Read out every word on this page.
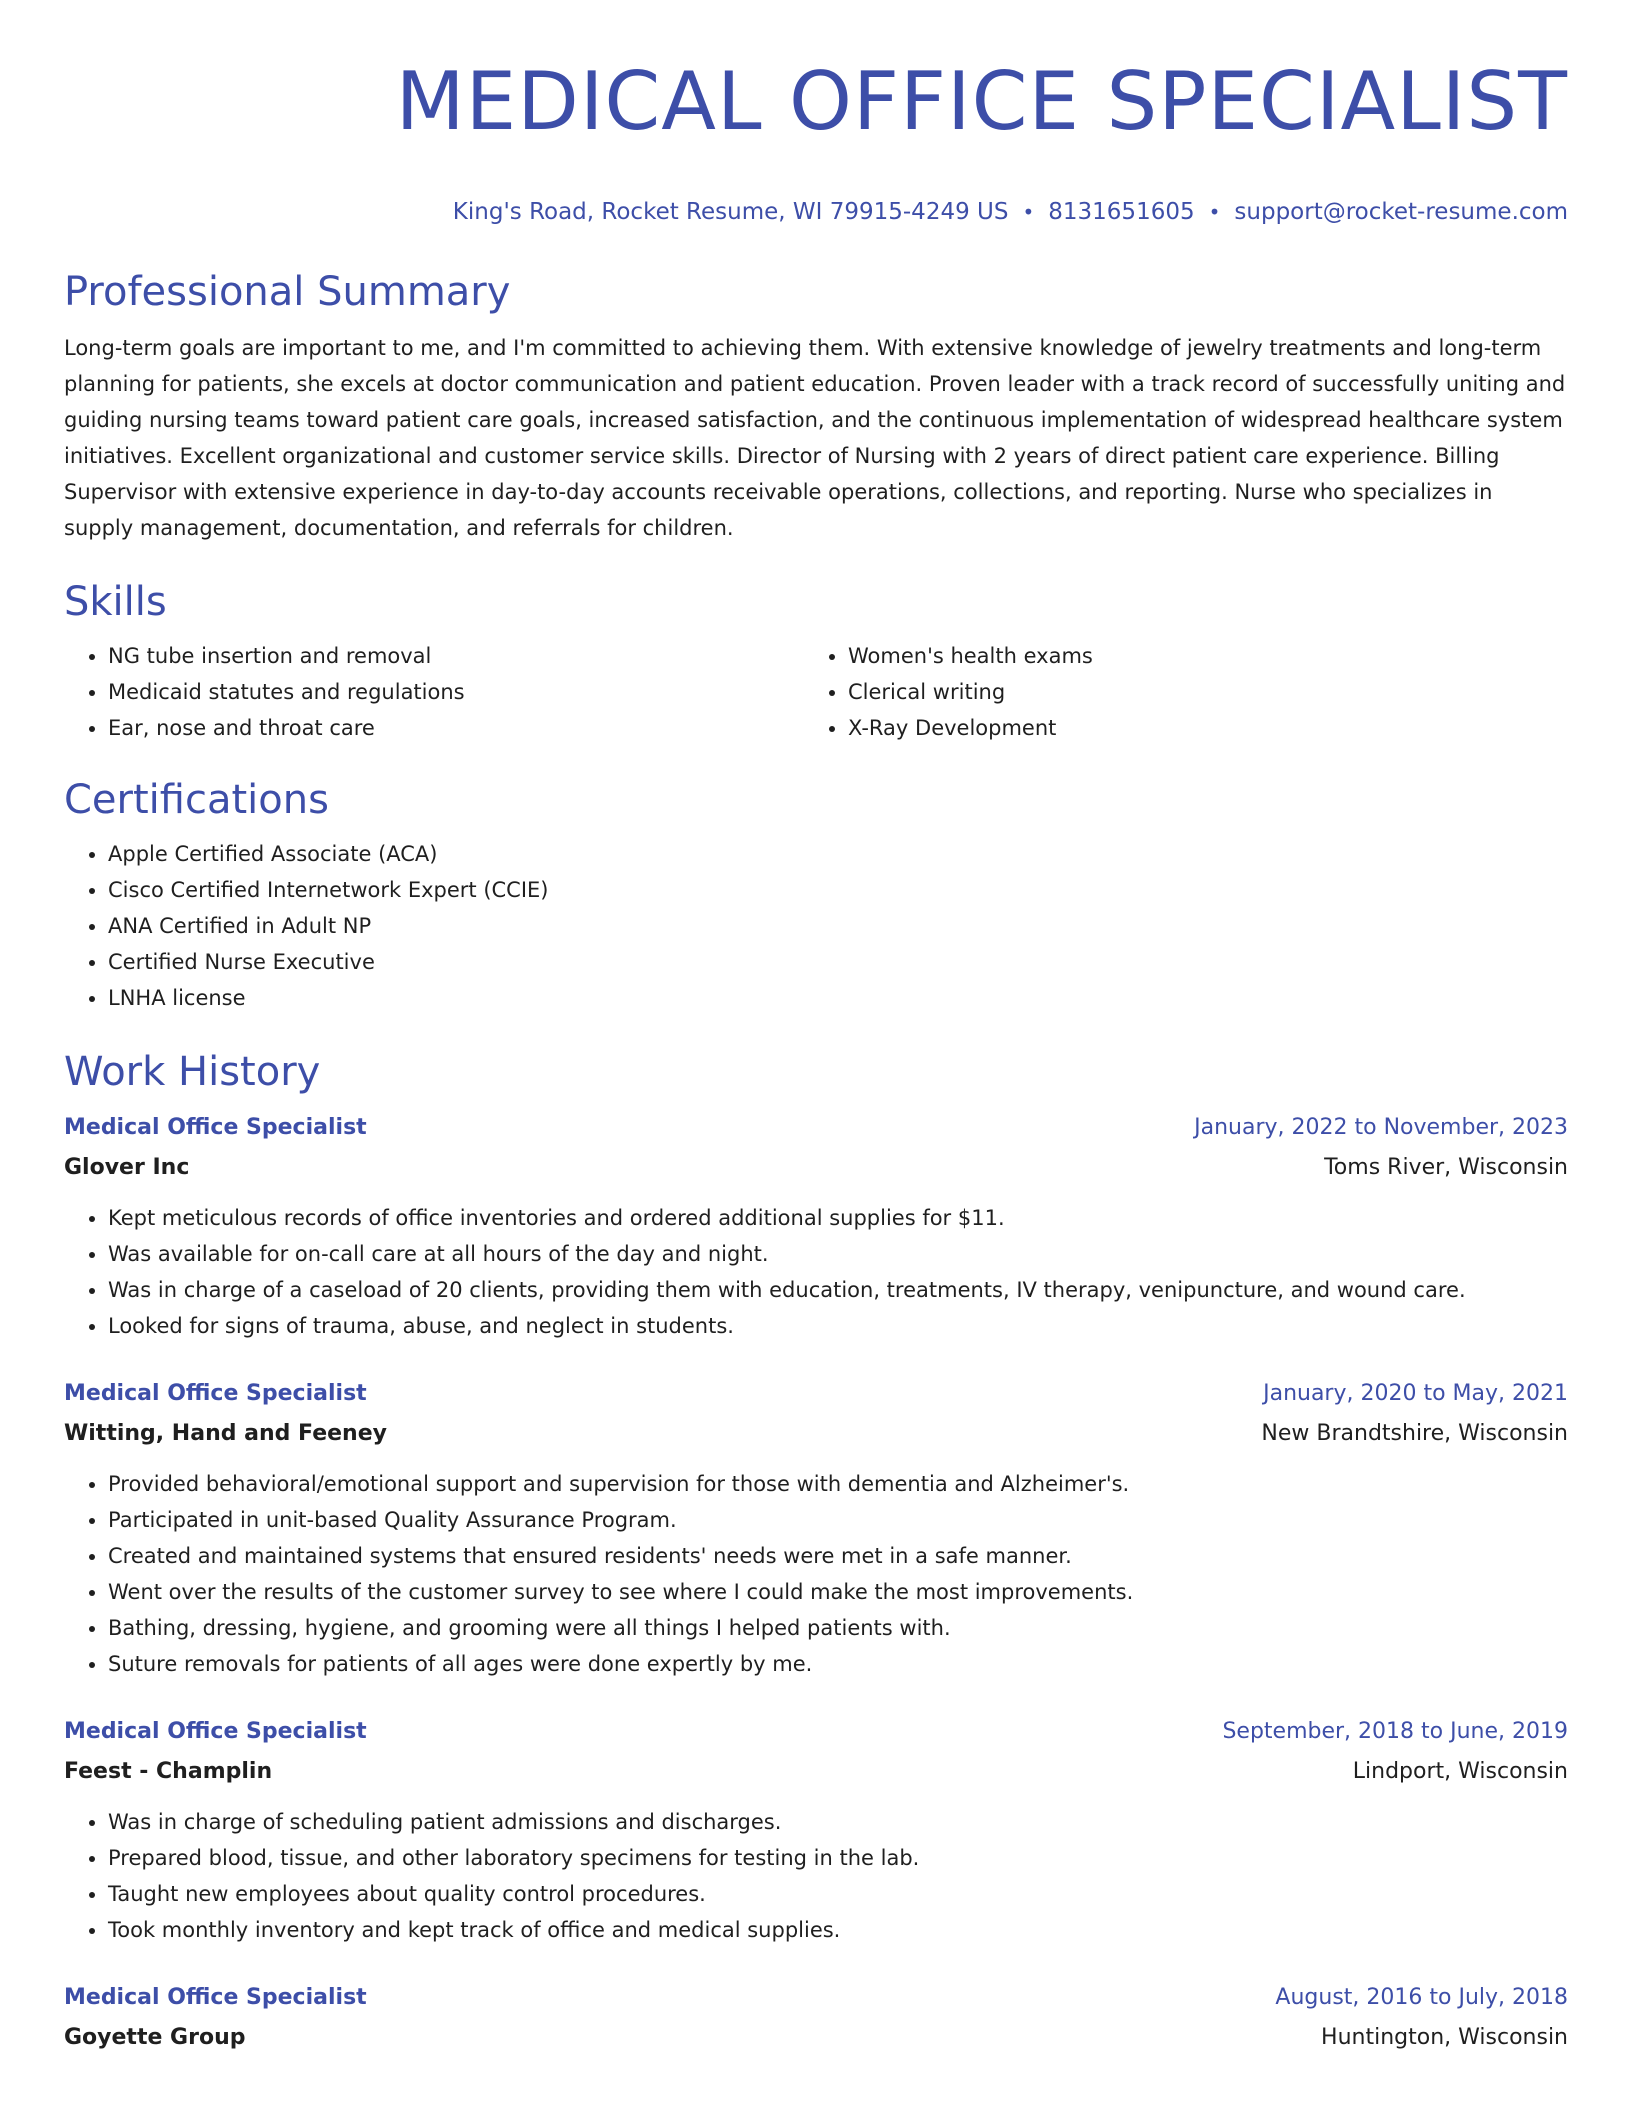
MEDICAL OFFICE SPECIALIST
King's Road, Rocket Resume, WI 79915-4249 US • 8131651605 • support@rocket-resume.com
Professional Summary
Long-term goals are important to me, and I'm committed to achieving them. With extensive knowledge of jewelry treatments and long-term planning for patients, she excels at doctor communication and patient education. Proven leader with a track record of successfully uniting and guiding nursing teams toward patient care goals, increased satisfaction, and the continuous implementation of widespread healthcare system initiatives. Excellent organizational and customer service skills. Director of Nursing with 2 years of direct patient care experience. Billing Supervisor with extensive experience in day-to-day accounts receivable operations, collections, and reporting. Nurse who specializes in supply management, documentation, and referrals for children.
Skills
• NG tube insertion and removal
• Medicaid statutes and regulations
• Ear, nose and throat care
• Women's health exams
• Clerical writing
• X-Ray Development
Certifications
• Apple Certified Associate (ACA)
• Cisco Certified Internetwork Expert (CCIE)
• ANA Certified in Adult NP
• Certified Nurse Executive
• LNHA license
Work History
Medical Office Specialist	January, 2022 to November, 2023
Glover Inc	Toms River, Wisconsin
• Kept meticulous records of office inventories and ordered additional supplies for $11.
• Was available for on-call care at all hours of the day and night.
• Was in charge of a caseload of 20 clients, providing them with education, treatments, IV therapy, venipuncture, and wound care.
• Looked for signs of trauma, abuse, and neglect in students.
Medical Office Specialist	January, 2020 to May, 2021
Witting, Hand and Feeney	New Brandtshire, Wisconsin
• Provided behavioral/emotional support and supervision for those with dementia and Alzheimer's.
• Participated in unit-based Quality Assurance Program.
• Created and maintained systems that ensured residents' needs were met in a safe manner.
• Went over the results of the customer survey to see where I could make the most improvements.
• Bathing, dressing, hygiene, and grooming were all things I helped patients with.
• Suture removals for patients of all ages were done expertly by me.
Medical Office Specialist	September, 2018 to June, 2019
Feest - Champlin	Lindport, Wisconsin
• Was in charge of scheduling patient admissions and discharges.
• Prepared blood, tissue, and other laboratory specimens for testing in the lab.
• Taught new employees about quality control procedures.
• Took monthly inventory and kept track of office and medical supplies.
Medical Office Specialist	August, 2016 to July, 2018
Goyette Group	Huntington, Wisconsin
